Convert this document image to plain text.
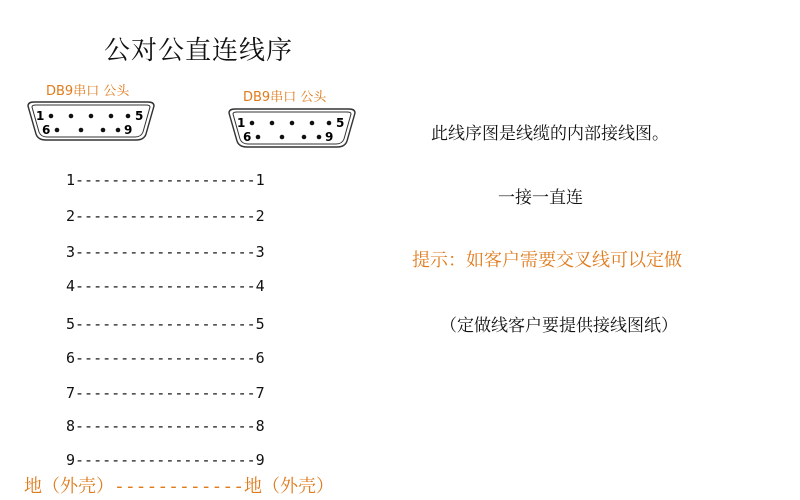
公对公直连线序
DB9串口 公头
1	5
6	9
DB9串口 公头
1	5
6	9
1--------------------1
2--------------------2
3--------------------3
4--------------------4
5--------------------5
6--------------------6
7--------------------7
8--------------------8
9--------------------9
地（外壳）------------地（外壳）
此线序图是线缆的内部接线图。
一接一直连
提示：如客户需要交叉线可以定做
（定做线客户要提供接线图纸）
